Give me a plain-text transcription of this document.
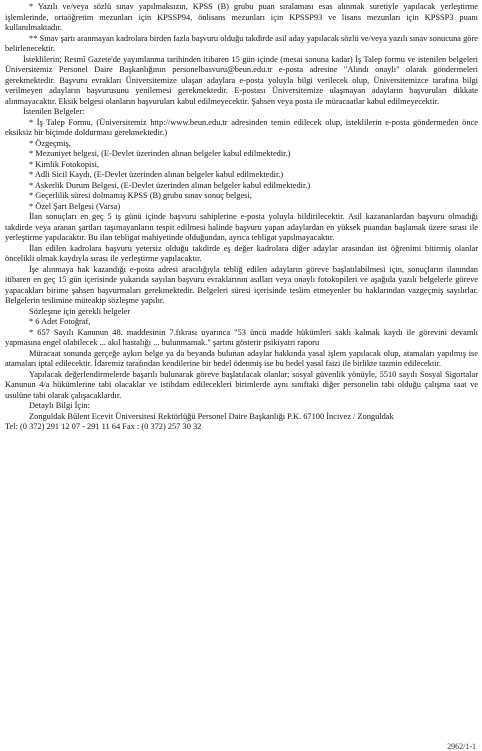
* Yazılı ve/veya sözlü sınav yapılmaksızın, KPSS (B) grubu puan sıralaması esas alınmak suretiyle yapılacak yerleştirme işlemlerinde, ortaöğretim mezunları için KPSSP94, önlisans mezunları için KPSSP93 ve lisans mezunları için KPSSP3 puanı kullanılmaktadır.

** Sınav şartı aranmayan kadrolara birden fazla başvuru olduğu takdirde asil aday yapılacak sözlü ve/veya yazılı sınav sonucuna göre belirlenecektir.

İsteklilerin; Resmî Gazete'de yayımlanma tarihinden itibaren 15 gün içinde (mesai sonuna kadar) İş Talep formu ve istenilen belgeleri Üniversitemiz Personel Daire Başkanlığının personelbasvuru@beun.edu.tr e-posta adresine "Alındı onaylı" olarak göndermeleri gerekmektedir. Başvuru evrakları Üniversitemize ulaşan adaylara e-posta yoluyla bilgi verilecek olup, Üniversitemizce tarafına bilgi verilmeyen adayların başvurusunu yenilemesi gerekmektedir. E-postası Üniversitemize ulaşmayan adayların başvuruları dikkate alınmayacaktır. Eksik belgesi olanların başvuruları kabul edilmeyecektir. Şahsen veya posta ile müracaatlar kabul edilmeyecektir.

İstenilen Belgeler:

* İş Talep Formu, (Üniversitemiz http://www.beun.edu.tr adresinden temin edilecek olup, isteklilerin e-posta göndermeden önce eksiksiz bir biçimde doldurması gerekmektedir.)
* Özgeçmiş,
* Mezuniyet belgesi, (E-Devlet üzerinden alınan belgeler kabul edilmektedir.)
* Kimlik Fotokopisi,
* Adli Sicil Kaydı, (E-Devlet üzerinden alınan belgeler kabul edilmektedir.)
* Askerlik Durum Belgesi, (E-Devlet üzerinden alınan belgeler kabul edilmektedir.)
* Geçerlilik süresi dolmamış KPSS (B) grubu sınav sonuç belgesi,
* Özel Şart Belgesi (Varsa)

İlan sonuçları en geç 5 iş günü içinde başvuru sahiplerine e-posta yoluyla bildirilecektir. Asil kazananlardan başvuru olmadığı takdirde veya aranan şartları taşımayanların tespit edilmesi halinde başvuru yapan adaylardan en yüksek puandan başlamak üzere sırası ile yerleştirme yapılacaktır. Bu ilan tebligat mahiyetinde olduğundan, ayrıca tebligat yapılmayacaktır.

İlan edilen kadrolara başvuru yetersiz olduğu takdirde eş değer kadrolara diğer adaylar arasından üst öğrenimi bitirmiş olanlar öncelikli olmak kaydıyla sırası ile yerleştirme yapılacaktır.

İşe alınmaya hak kazandığı e-posta adresi aracılığıyla tebliğ edilen adayların göreve başlatılabilmesi için, sonuçların ilanından itibaren en geç 15 gün içerisinde yukarıda sayılan başvuru evraklarının asılları veya onaylı fotokopileri ve aşağıda yazılı belgelerle göreve yapacakları birime şahsen başvurmaları gerekmektedir. Belgeleri süresi içerisinde teslim etmeyenler bu haklarından vazgeçmiş sayılırlar. Belgelerin teslimine müteakip sözleşme yapılır.

Sözleşme için gerekli belgeler

* 6 Adet Fotoğraf,

* 657 Sayılı Kanunun 48. maddesinin 7.fıkrası uyarınca "53 üncü madde hükümleri saklı kalmak kaydı ile görevini devamlı yapmasına engel olabilecek ... akıl hastalığı ... bulunmamak." şartını gösterir psikiyatri raporu

Müracaat sonunda gerçeğe aykırı belge ya da beyanda bulunan adaylar hakkında yasal işlem yapılacak olup, atamaları yapılmış ise atamaları iptal edilecektir. İdaremiz tarafından kendilerine bir bedel ödenmiş ise bu bedel yasal faizi ile birlikte tazmin edilecektir.

Yapılacak değerlendirmelerde başarılı bulunarak göreve başlatılacak olanlar; sosyal güvenlik yönüyle, 5510 sayılı Sosyal Sigortalar Kanunun 4/a hükümlerine tabi olacaklar ve istihdam edilecekleri birimlerde aynı sınıftaki diğer personelin tabi olduğu çalışma saat ve usulüne tabi olarak çalışacaklardır.

Detaylı Bilgi İçin:

Zonguldak Bülent Ecevit Üniversitesi Rektörlüğü Personel Daire Başkanlığı P.K. 67100 İncivez / Zonguldak

Tel: (0 372) 291 12 07 - 291 11 64 Fax : (0 372) 257 30 32

2962/1-1
